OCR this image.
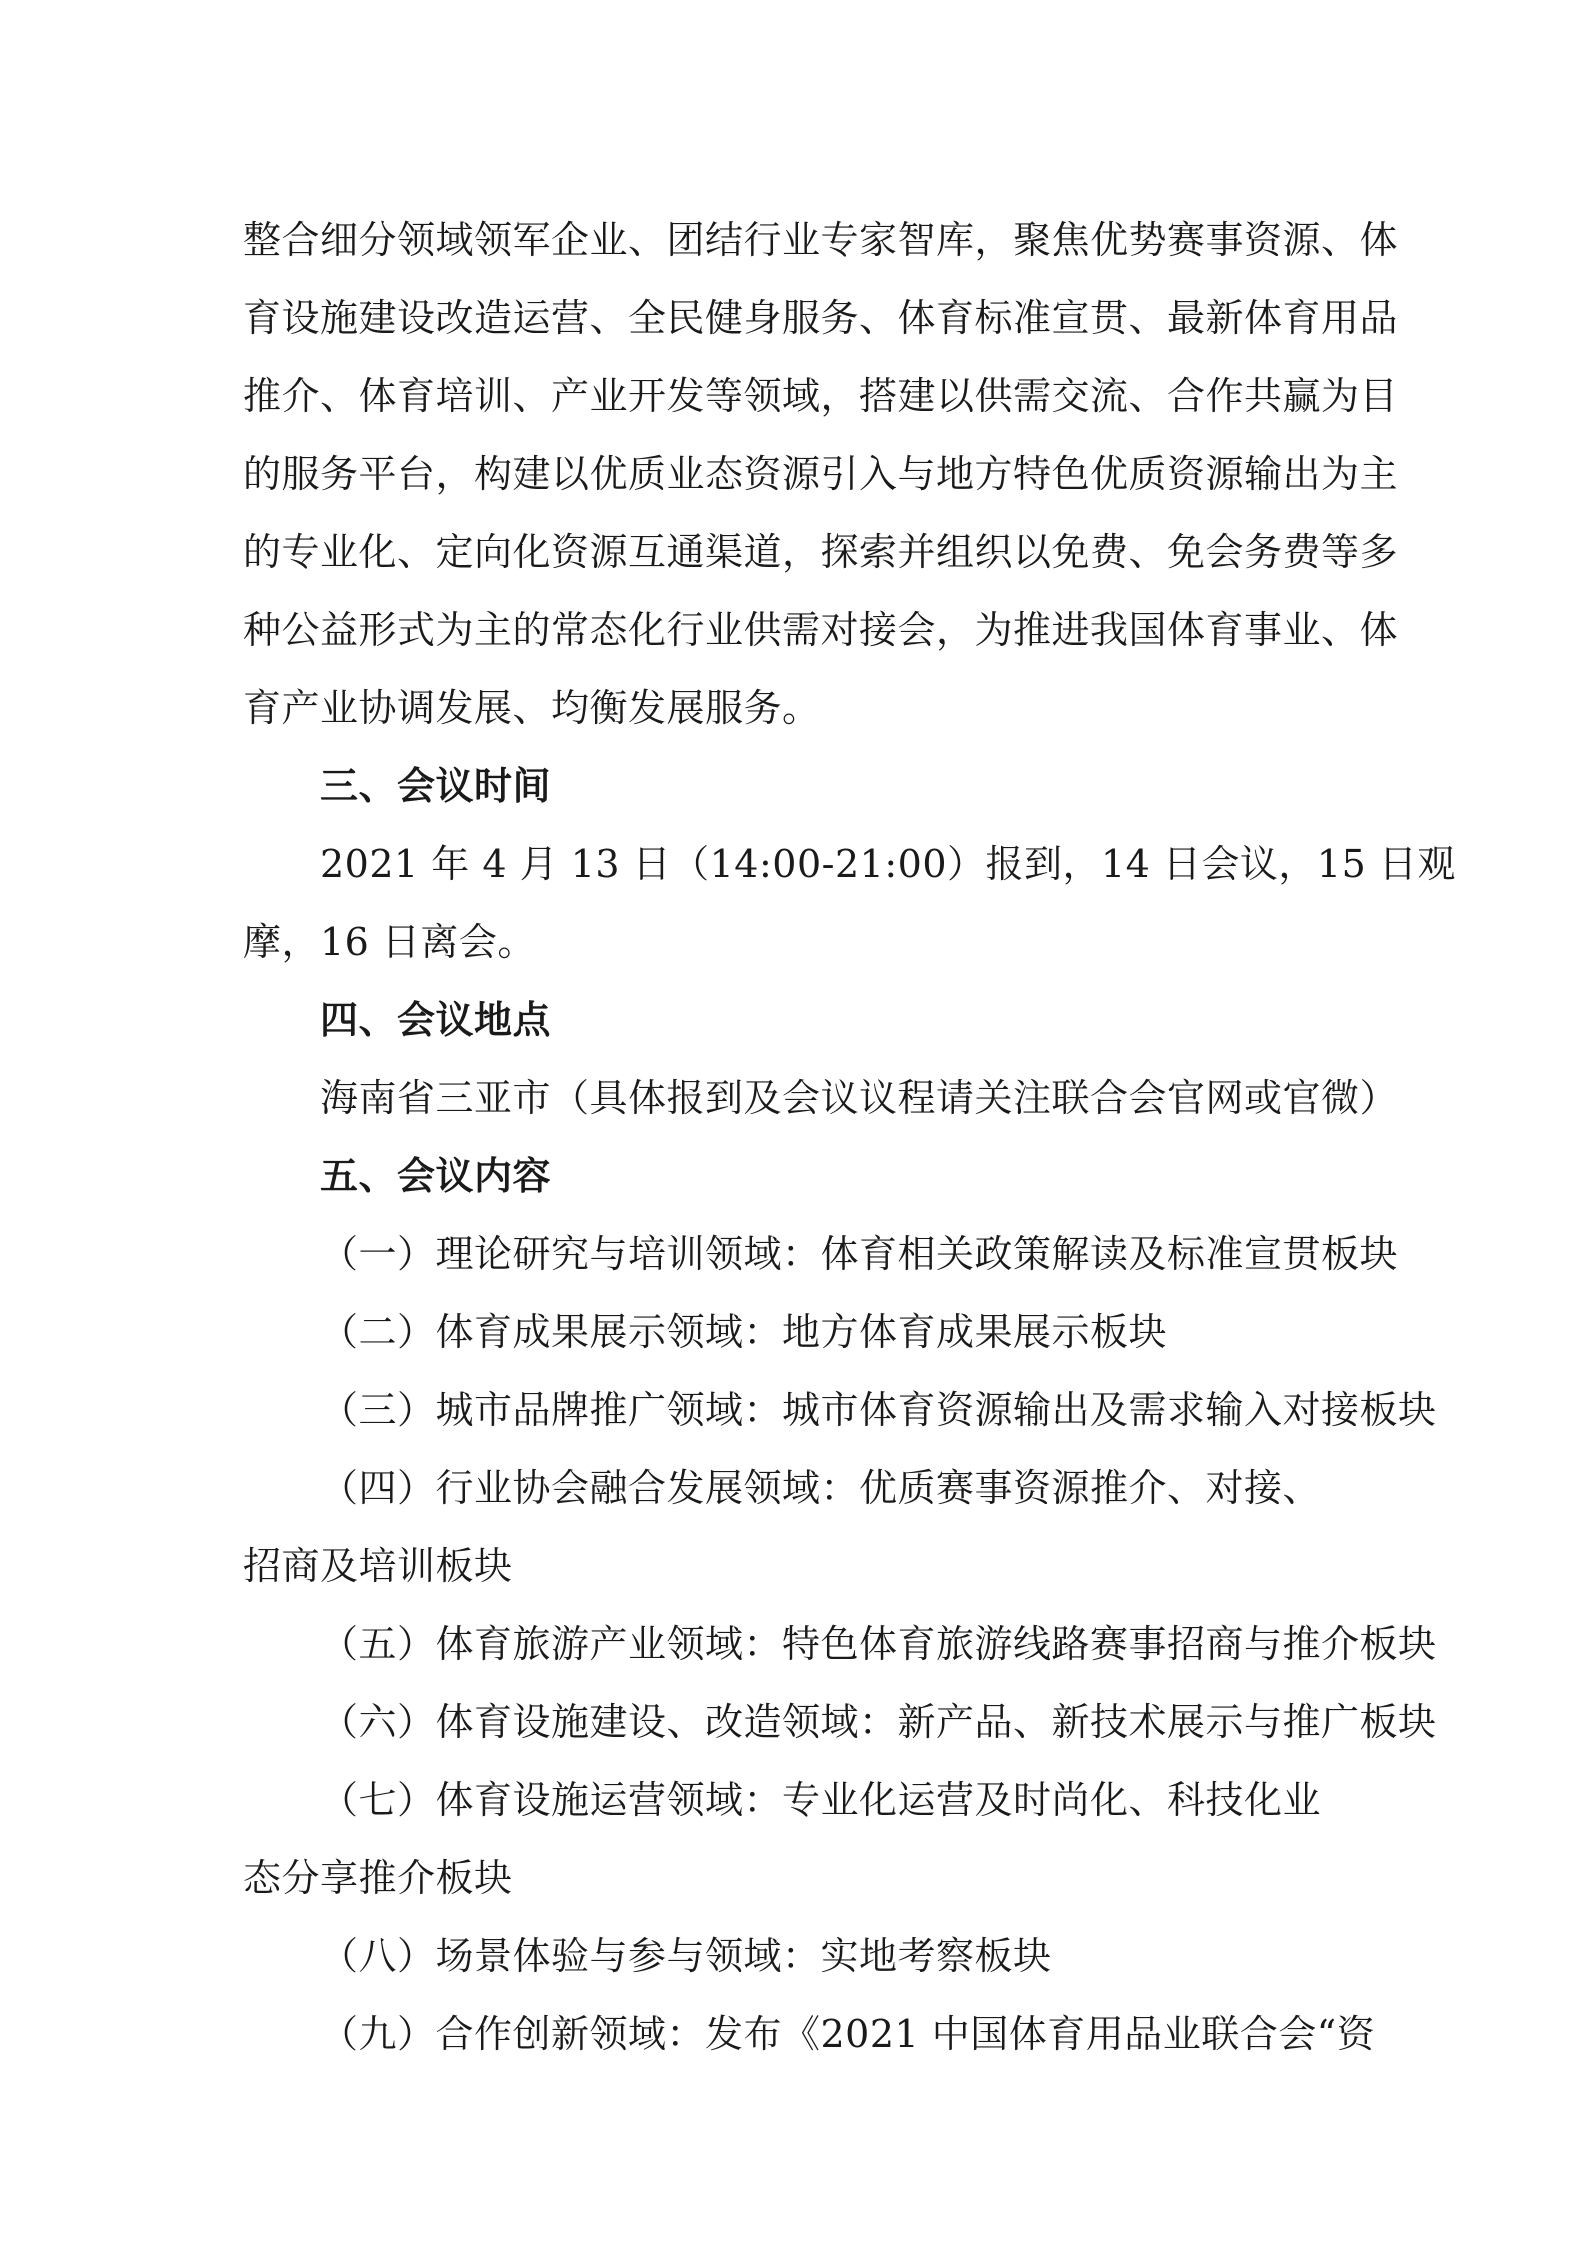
整合细分领域领军企业、团结行业专家智库，聚焦优势赛事资源、体
育设施建设改造运营、全民健身服务、体育标准宣贯、最新体育用品
推介、体育培训、产业开发等领域，搭建以供需交流、合作共赢为目
的服务平台，构建以优质业态资源引入与地方特色优质资源输出为主
的专业化、定向化资源互通渠道，探索并组织以免费、免会务费等多
种公益形式为主的常态化行业供需对接会，为推进我国体育事业、体
育产业协调发展、均衡发展服务。
三、会议时间
2021 年 4 月 13 日（14:00-21:00）报到，14 日会议，15 日观
摩，16 日离会。
四、会议地点
海南省三亚市（具体报到及会议议程请关注联合会官网或官微）
五、会议内容
（一）理论研究与培训领域：体育相关政策解读及标准宣贯板块
（二）体育成果展示领域：地方体育成果展示板块
（三）城市品牌推广领域：城市体育资源输出及需求输入对接板块
（四）行业协会融合发展领域：优质赛事资源推介、对接、
招商及培训板块
（五）体育旅游产业领域：特色体育旅游线路赛事招商与推介板块
（六）体育设施建设、改造领域：新产品、新技术展示与推广板块
（七）体育设施运营领域：专业化运营及时尚化、科技化业
态分享推介板块
（八）场景体验与参与领域：实地考察板块
（九）合作创新领域：发布《2021 中国体育用品业联合会“资
